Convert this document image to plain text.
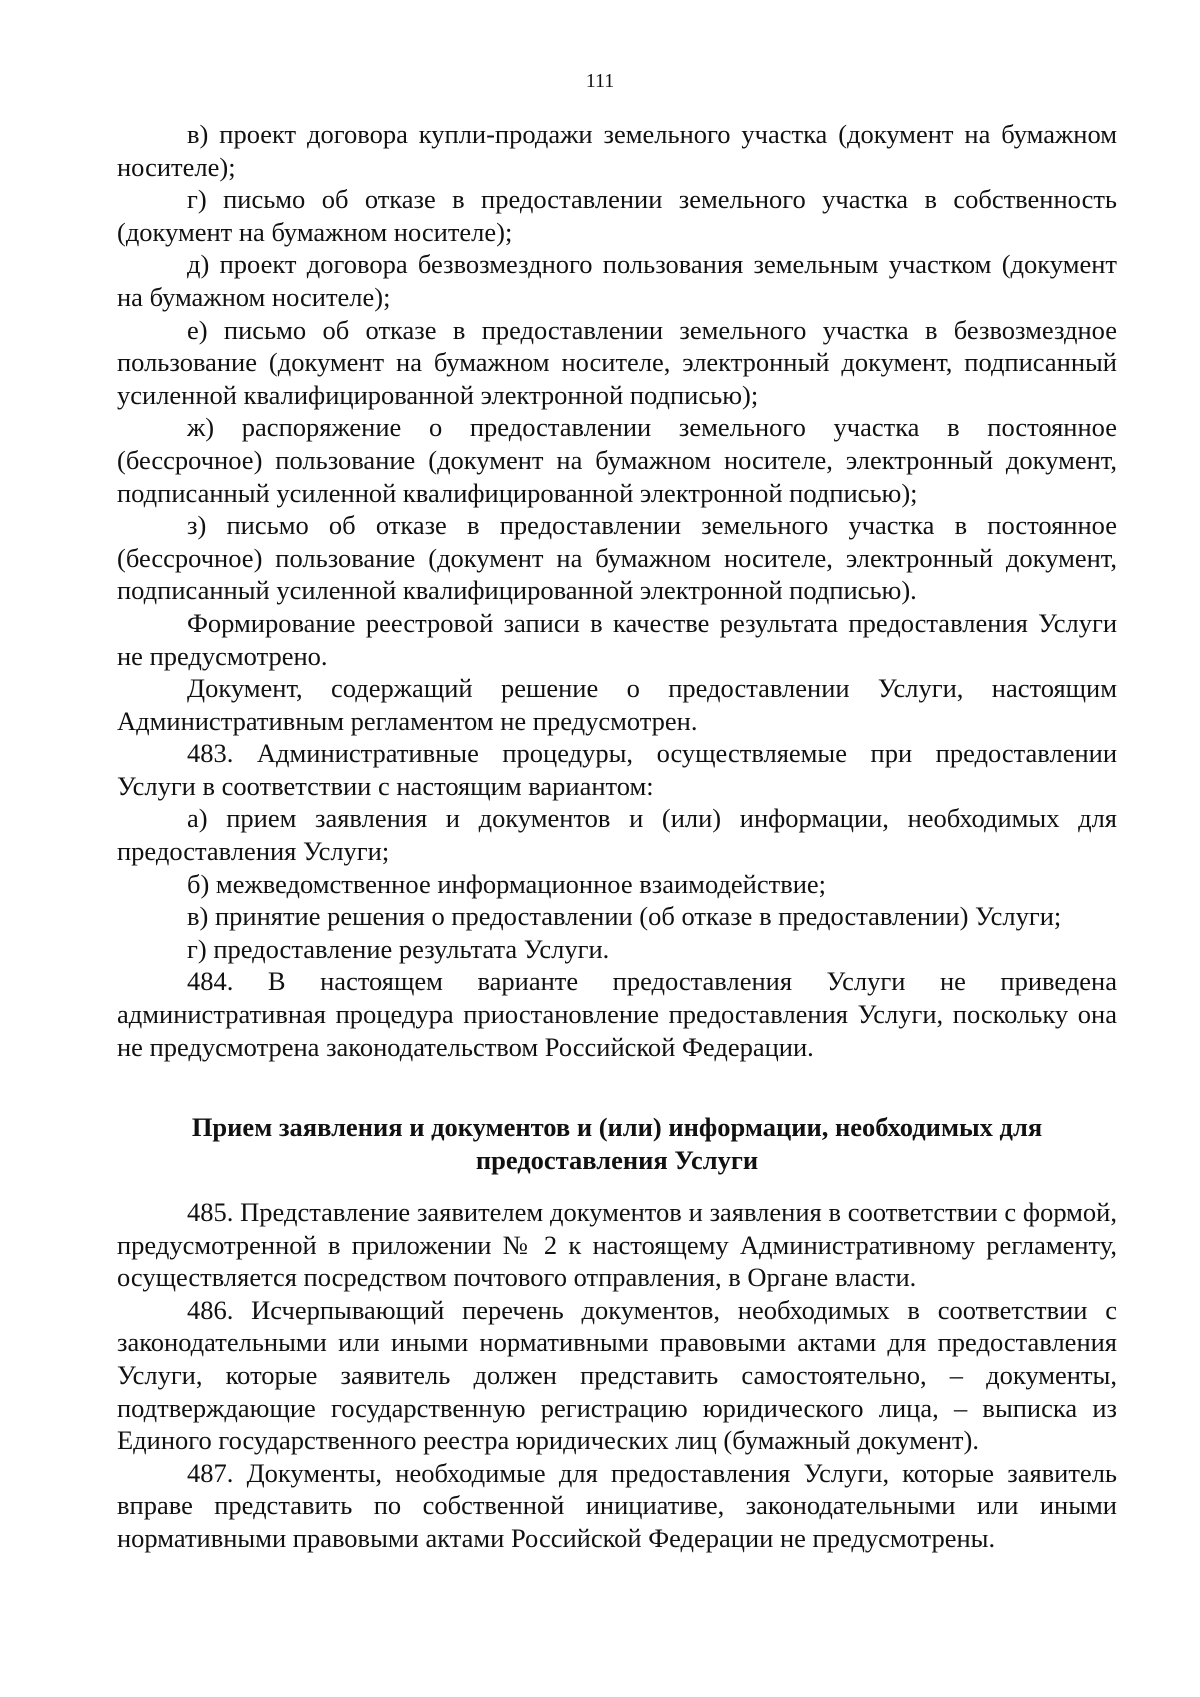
111

в) проект договора купли-продажи земельного участка (документ на бумажном носителе);

г) письмо об отказе в предоставлении земельного участка в собственность (документ на бумажном носителе);

д) проект договора безвозмездного пользования земельным участком (документ на бумажном носителе);

е) письмо об отказе в предоставлении земельного участка в безвозмездное пользование (документ на бумажном носителе, электронный документ, подписанный усиленной квалифицированной электронной подписью);

ж) распоряжение о предоставлении земельного участка в постоянное (бессрочное) пользование (документ на бумажном носителе, электронный документ, подписанный усиленной квалифицированной электронной подписью);

з) письмо об отказе в предоставлении земельного участка в постоянное (бессрочное) пользование (документ на бумажном носителе, электронный документ, подписанный усиленной квалифицированной электронной подписью).

Формирование реестровой записи в качестве результата предоставления Услуги не предусмотрено.

Документ, содержащий решение о предоставлении Услуги, настоящим Административным регламентом не предусмотрен.

483. Административные процедуры, осуществляемые при предоставлении Услуги в соответствии с настоящим вариантом:

а) прием заявления и документов и (или) информации, необходимых для предоставления Услуги;

б) межведомственное информационное взаимодействие;

в) принятие решения о предоставлении (об отказе в предоставлении) Услуги;

г) предоставление результата Услуги.

484. В настоящем варианте предоставления Услуги не приведена административная процедура приостановление предоставления Услуги, поскольку она не предусмотрена законодательством Российской Федерации.

Прием заявления и документов и (или) информации, необходимых для
предоставления Услуги

485. Представление заявителем документов и заявления в соответствии с формой, предусмотренной в приложении № 2 к настоящему Административному регламенту, осуществляется посредством почтового отправления, в Органе власти.

486. Исчерпывающий перечень документов, необходимых в соответствии с законодательными или иными нормативными правовыми актами для предоставления Услуги, которые заявитель должен представить самостоятельно, – документы, подтверждающие государственную регистрацию юридического лица, – выписка из Единого государственного реестра юридических лиц (бумажный документ).

487. Документы, необходимые для предоставления Услуги, которые заявитель вправе представить по собственной инициативе, законодательными или иными нормативными правовыми актами Российской Федерации не предусмотрены.
